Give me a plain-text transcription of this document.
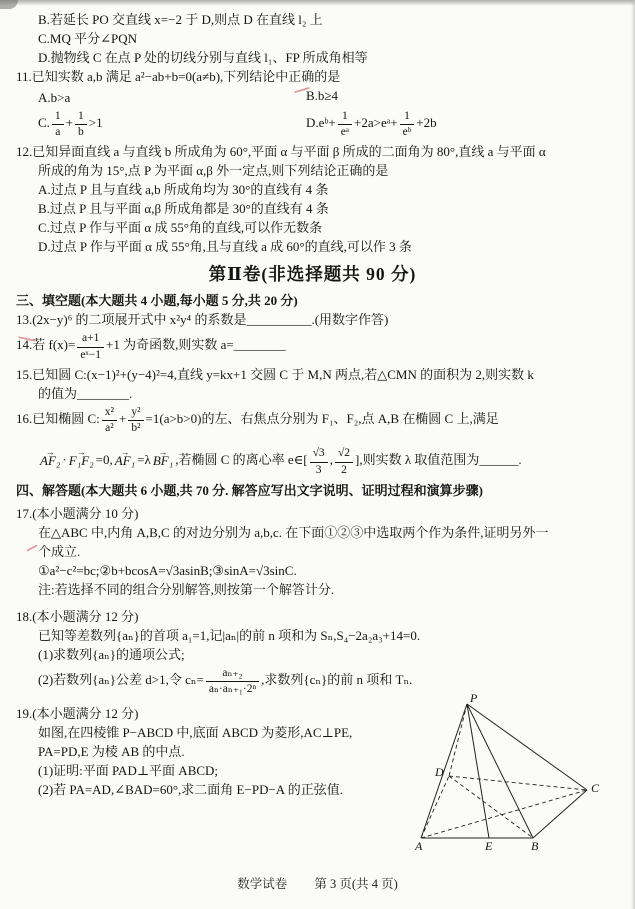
B.若延长 PO 交直线 x=−2 于 D,则点 D 在直线 l₂ 上
C.MQ 平分∠PQN
D.抛物线 C 在点 P 处的切线分别与直线 l₁、FP 所成角相等
11.已知实数 a,b 满足 a²−ab+b=0(a≠b),下列结论中正确的是
A.b>a	B.b≥4
C. $\frac{1}{a} + \frac{1}{b} >1$	D.eᵇ+ $\frac{1}{\text{eᵃ}}$ +2a>eᵃ+ $\frac{1}{\text{eᵇ}} +2b$
12.已知异面直线 a 与直线 b 所成角为 60°,平面 α 与平面 β 所成的二面角为 80°,直线 a 与平面 α
所成的角为 15°,点 P 为平面 α,β 外一定点,则下列结论正确的是
A.过点 P 且与直线 a,b 所成角均为 30°的直线有 4 条
B.过点 P 且与平面 α,β 所成角都是 30°的直线有 4 条
C.过点 P 作与平面 α 成 55°角的直线,可以作无数条
D.过点 P 作与平面 α 成 55°角,且与直线 a 成 60°的直线,可以作 3 条
第Ⅱ卷(非选择题共 90 分)
三、填空题(本大题共 4 小题,每小题 5 分,共 20 分)
13.(2x−y)⁶ 的二项展开式中 x²y⁴ 的系数是__________.(用数字作答)
14.若 $f(x)= \frac{a+1}{\text{eˣ−1}} +1$ 为奇函数,则实数 a=________
15.已知圆 C:(x−1)²+(y−4)²=4,直线 y=kx+1 交圆 C 于 M,N 两点,若△CMN 的面积为 2,则实数 k
的值为________.
16.已知椭圆 C: $\frac{\text{x²}}{\text{a²}} + \frac{\text{y²}}{\text{b²}} =1(a>b>0)$的左、右焦点分别为 F₁、F₂,点 A,B 在椭圆 C 上,满足
AF₂ → · F₁F₂ → =0, AF₁ → =λ BF₁ → ,若椭圆 C 的离心率 e∈[ $\frac{√3}{3}$ , $\frac{√2}{2}$ ],则实数 λ 取值范围为______.
四、解答题(本大题共 6 小题,共 70 分. 解答应写出文字说明、证明过程和演算步骤)
17.(本小题满分 10 分)
在△ABC 中,内角 A,B,C 的对边分别为 a,b,c. 在下面①②③中选取两个作为条件,证明另外一
个成立.
①a²−c²=bc;②b+bcosA=√3asinB;③sinA=√3sinC.
注:若选择不同的组合分别解答,则按第一个解答计分.
18.(本小题满分 12 分)
已知等差数列{aₙ}的首项 a₁=1,记|aₙ|的前 n 项和为 Sₙ,S₄−2a₂a₃+14=0.
(1)求数列{aₙ}的通项公式;
(2)若数列{aₙ}公差 d>1,令 $c_n= \frac{\text{aₙ₊₂}}{\text{aₙ·aₙ₊₁·2ⁿ}}$ ,求数列{cₙ}的前 n 项和 Tₙ.
P
D
C
A	E	B
19.(本小题满分 12 分)
如图,在四棱锥 P−ABCD 中,底面 ABCD 为菱形,AC⊥PE,
PA=PD,E 为棱 AB 的中点.
(1)证明:平面 PAD⊥平面 ABCD;
(2)若 PA=AD,∠BAD=60°,求二面角 E−PD−A 的正弦值.
数学试卷 第 3 页(共 4 页)
